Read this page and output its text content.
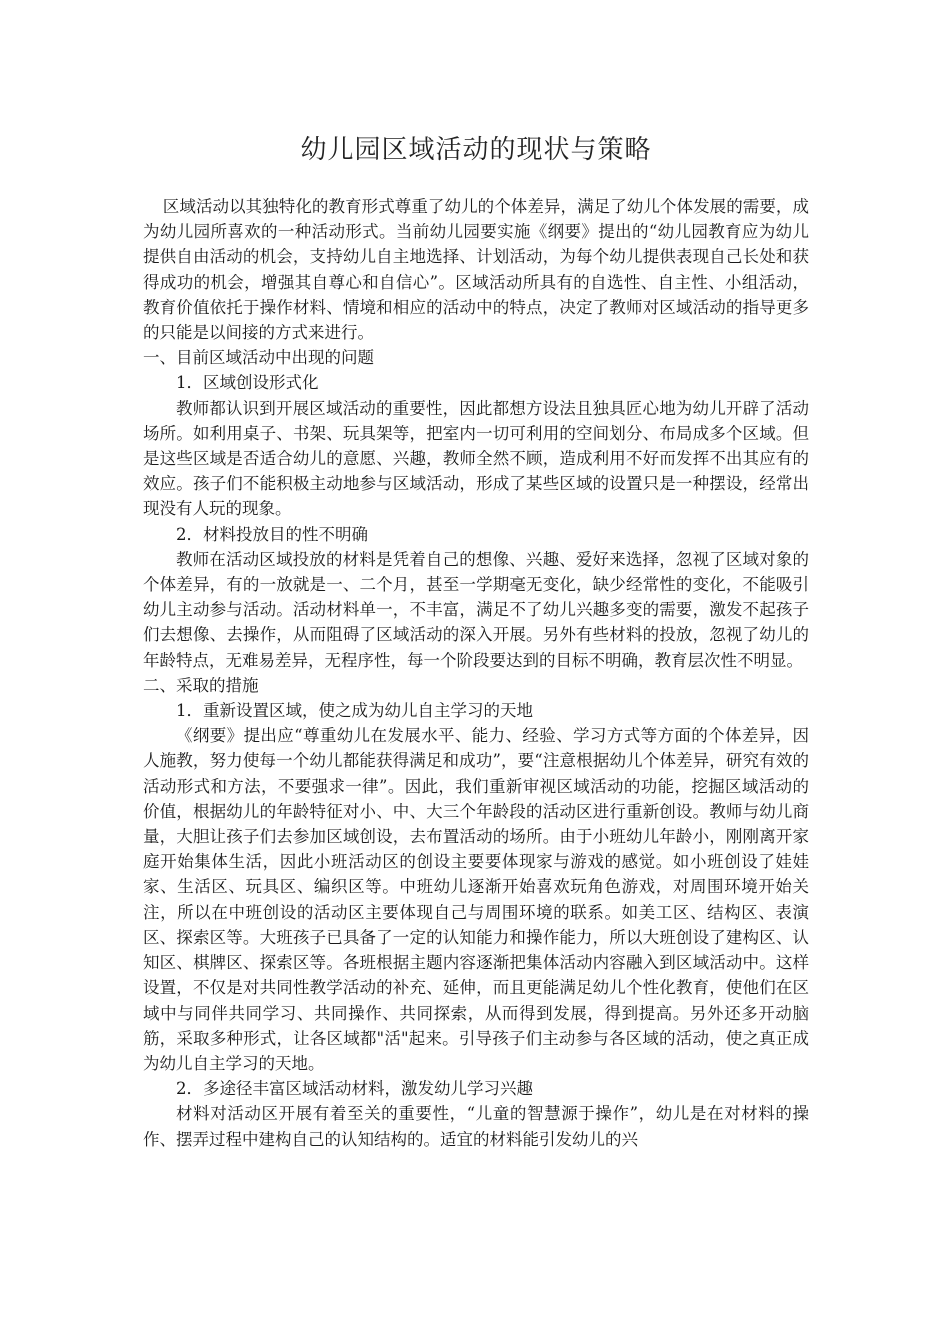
幼儿园区域活动的现状与策略

区域活动以其独特化的教育形式尊重了幼儿的个体差异，满足了幼儿个体发展的需要，成为幼儿园所喜欢的一种活动形式。当前幼儿园要实施《纲要》提出的“幼儿园教育应为幼儿提供自由活动的机会，支持幼儿自主地选择、计划活动，为每个幼儿提供表现自己长处和获得成功的机会，增强其自尊心和自信心”。区域活动所具有的自选性、自主性、小组活动，教育价值依托于操作材料、情境和相应的活动中的特点，决定了教师对区域活动的指导更多的只能是以间接的方式来进行。

一、目前区域活动中出现的问题

1．区域创设形式化

教师都认识到开展区域活动的重要性，因此都想方设法且独具匠心地为幼儿开辟了活动场所。如利用桌子、书架、玩具架等，把室内一切可利用的空间划分、布局成多个区域。但是这些区域是否适合幼儿的意愿、兴趣，教师全然不顾，造成利用不好而发挥不出其应有的效应。孩子们不能积极主动地参与区域活动，形成了某些区域的设置只是一种摆设，经常出现没有人玩的现象。

2．材料投放目的性不明确

教师在活动区域投放的材料是凭着自己的想像、兴趣、爱好来选择，忽视了区域对象的个体差异，有的一放就是一、二个月，甚至一学期毫无变化，缺少经常性的变化，不能吸引幼儿主动参与活动。活动材料单一，不丰富，满足不了幼儿兴趣多变的需要，激发不起孩子们去想像、去操作，从而阻碍了区域活动的深入开展。另外有些材料的投放，忽视了幼儿的年龄特点，无难易差异，无程序性，每一个阶段要达到的目标不明确，教育层次性不明显。

二、采取的措施

1．重新设置区域，使之成为幼儿自主学习的天地

《纲要》提出应“尊重幼儿在发展水平、能力、经验、学习方式等方面的个体差异，因人施教，努力使每一个幼儿都能获得满足和成功”，要“注意根据幼儿个体差异，研究有效的活动形式和方法，不要强求一律”。因此，我们重新审视区域活动的功能，挖掘区域活动的价值，根据幼儿的年龄特征对小、中、大三个年龄段的活动区进行重新创设。教师与幼儿商量，大胆让孩子们去参加区域创设，去布置活动的场所。由于小班幼儿年龄小，刚刚离开家庭开始集体生活，因此小班活动区的创设主要要体现家与游戏的感觉。如小班创设了娃娃家、生活区、玩具区、编织区等。中班幼儿逐渐开始喜欢玩角色游戏，对周围环境开始关注，所以在中班创设的活动区主要体现自己与周围环境的联系。如美工区、结构区、表演区、探索区等。大班孩子已具备了一定的认知能力和操作能力，所以大班创设了建构区、认知区、棋牌区、探索区等。各班根据主题内容逐渐把集体活动内容融入到区域活动中。这样设置，不仅是对共同性教学活动的补充、延伸，而且更能满足幼儿个性化教育，使他们在区域中与同伴共同学习、共同操作、共同探索，从而得到发展，得到提高。另外还多开动脑筋，采取多种形式，让各区域都"活"起来。引导孩子们主动参与各区域的活动，使之真正成为幼儿自主学习的天地。

2．多途径丰富区域活动材料，激发幼儿学习兴趣

材料对活动区开展有着至关的重要性，“儿童的智慧源于操作”，幼儿是在对材料的操作、摆弄过程中建构自己的认知结构的。适宜的材料能引发幼儿的兴
